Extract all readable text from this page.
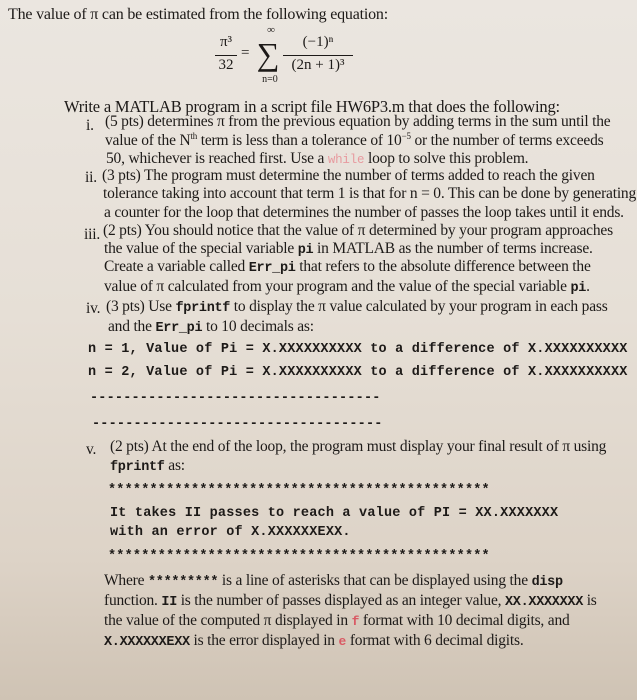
π³
32
=
∞
∑
n=0
(−1)ⁿ
(2n + 1)³
The value of π can be estimated from the following equation:
Write a MATLAB program in a script file HW6P3.m that does the following:
i. (5 pts) determines π from the previous equation by adding terms in the sum until the
value of the $N^{th}$ term is less than a tolerance of $10^{-5}$ or the number of terms exceeds
50, whichever is reached first. Use a while loop to solve this problem.
ii. (3 pts) The program must determine the number of terms added to reach the given
tolerance taking into account that term 1 is that for n = 0. This can be done by generating
a counter for the loop that determines the number of passes the loop takes until it ends.
iii. (2 pts) You should notice that the value of π determined by your program approaches
the value of the special variable pi in MATLAB as the number of terms increase.
Create a variable called Err_pi that refers to the absolute difference between the
value of π calculated from your program and the value of the special variable pi.
iv. (3 pts) Use fprintf to display the π value calculated by your program in each pass
and the Err_pi to 10 decimals as:
n = 1, Value of Pi = X.XXXXXXXXXX to a difference of X.XXXXXXXXXX
n = 2, Value of Pi = X.XXXXXXXXXX to a difference of X.XXXXXXXXXX
-----------------------------------
-----------------------------------
v. (2 pts) At the end of the loop, the program must display your final result of π using
fprintf as:
**********************************************
It takes II passes to reach a value of PI = XX.XXXXXXX
with an error of X.XXXXXXEXX.
**********************************************
Where ********* is a line of asterisks that can be displayed using the disp
function. II is the number of passes displayed as an integer value, XX.XXXXXXX is
the value of the computed π displayed in f format with 10 decimal digits, and
X.XXXXXXEXX is the error displayed in e format with 6 decimal digits.
